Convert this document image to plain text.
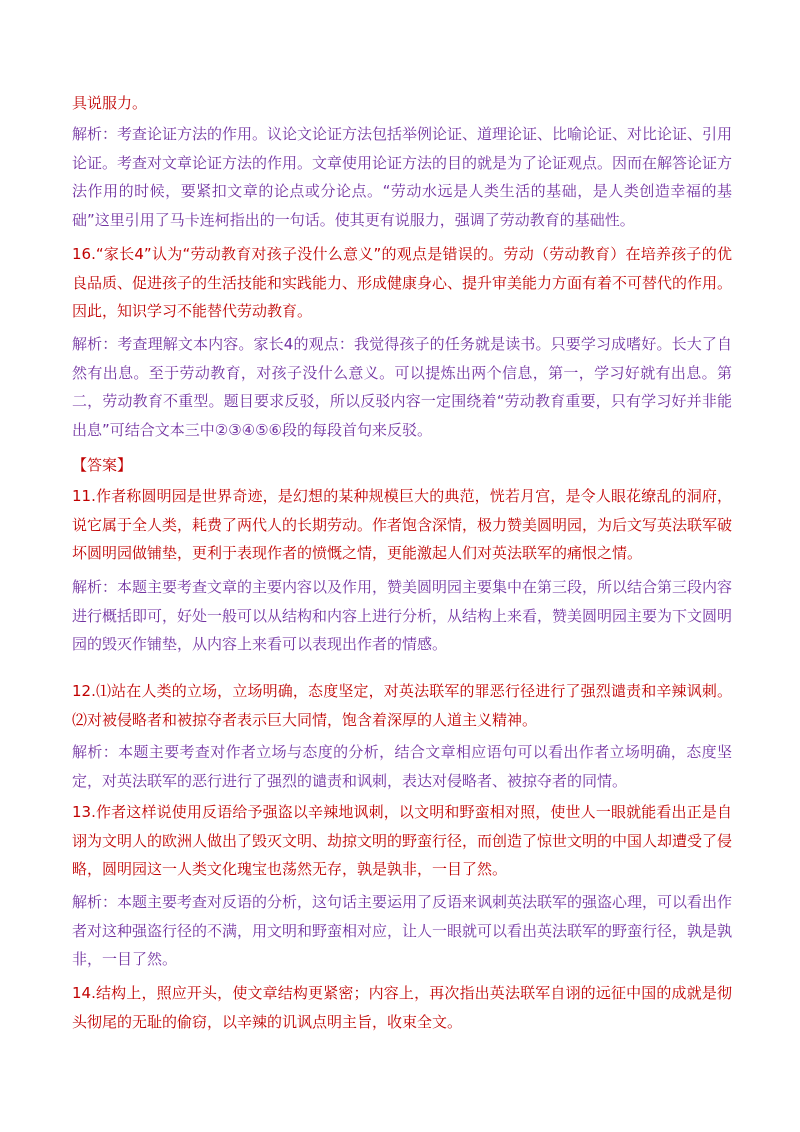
具说服力。

解析：考查论证方法的作用。议论文论证方法包括举例论证、道理论证、比喻论证、对比论证、引用论证。考查对文章论证方法的作用。文章使用论证方法的目的就是为了论证观点。因而在解答论证方法作用的时候，要紧扣文章的论点或分论点。“劳动水远是人类生活的基础，是人类创造幸福的基础”这里引用了马卡连柯指出的一句话。使其更有说服力，强调了劳动教育的基础性。

16.“家长4”认为“劳动教育对孩子没什么意义”的观点是错误的。劳动（劳动教育）在培养孩子的优良品质、促进孩子的生活技能和实践能力、形成健康身心、提升审美能力方面有着不可替代的作用。因此，知识学习不能替代劳动教育。

解析：考查理解文本内容。家长4的观点：我觉得孩子的任务就是读书。只要学习成嗜好。长大了自然有出息。至于劳动教育，对孩子没什么意义。可以提炼出两个信息，第一，学习好就有出息。第二，劳动教育不重型。题目要求反驳，所以反驳内容一定围绕着“劳动教育重要，只有学习好并非能出息”可结合文本三中②③④⑤⑥段的每段首句来反驳。

【答案】

11.作者称圆明园是世界奇迹，是幻想的某种规模巨大的典范，恍若月宫，是令人眼花缭乱的洞府，说它属于全人类，耗费了两代人的长期劳动。作者饱含深情，极力赞美圆明园，为后文写英法联军破坏圆明园做铺垫，更利于表现作者的愤慨之情，更能激起人们对英法联军的痛恨之情。

解析：本题主要考查文章的主要内容以及作用，赞美圆明园主要集中在第三段，所以结合第三段内容进行概括即可，好处一般可以从结构和内容上进行分析，从结构上来看，赞美圆明园主要为下文圆明园的毁灭作铺垫，从内容上来看可以表现出作者的情感。

12.⑴站在人类的立场，立场明确，态度坚定，对英法联军的罪恶行径进行了强烈谴责和辛辣讽刺。⑵对被侵略者和被掠夺者表示巨大同情，饱含着深厚的人道主义精神。

解析：本题主要考查对作者立场与态度的分析，结合文章相应语句可以看出作者立场明确，态度坚定，对英法联军的恶行进行了强烈的谴责和讽刺，表达对侵略者、被掠夺者的同情。

13.作者这样说使用反语给予强盗以辛辣地讽刺，以文明和野蛮相对照，使世人一眼就能看出正是自诩为文明人的欧洲人做出了毁灭文明、劫掠文明的野蛮行径，而创造了惊世文明的中国人却遭受了侵略，圆明园这一人类文化瑰宝也荡然无存，孰是孰非，一目了然。

解析：本题主要考查对反语的分析，这句话主要运用了反语来讽刺英法联军的强盗心理，可以看出作者对这种强盗行径的不满，用文明和野蛮相对应，让人一眼就可以看出英法联军的野蛮行径，孰是孰非，一目了然。

14.结构上，照应开头，使文章结构更紧密；内容上，再次指出英法联军自诩的远征中国的成就是彻头彻尾的无耻的偷窃，以辛辣的讥讽点明主旨，收束全文。
